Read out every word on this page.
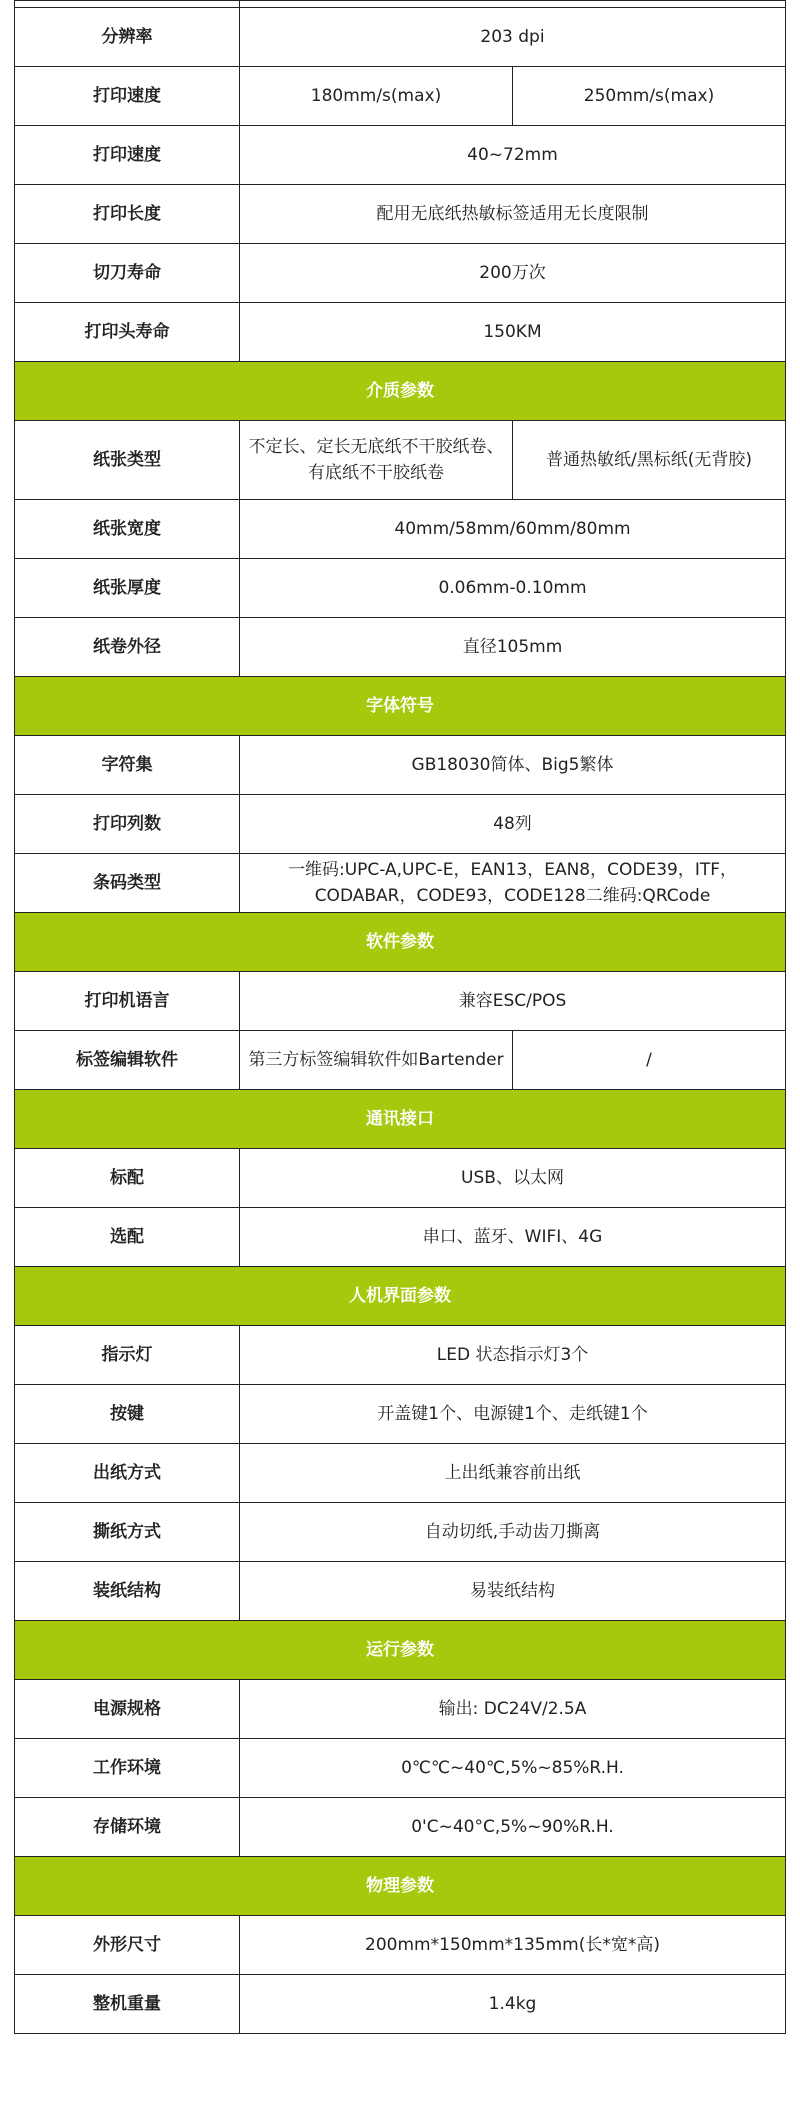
分辨率	203 dpi	
打印速度	180mm/s(max)	250mm/s(max)
打印速度	40~72mm	
打印长度	配用无底纸热敏标签适用无长度限制	
切刀寿命	200万次	
打印头寿命	150KM	
介质参数		
纸张类型	不定长、定长无底纸不干胶纸卷、有底纸不干胶纸卷	普通热敏纸/黑标纸(无背胶)
纸张宽度	40mm/58mm/60mm/80mm	
纸张厚度	0.06mm-0.10mm	
纸卷外径	直径105mm	
字体符号		
字符集	GB18030简体、Big5繁体	
打印列数	48列	
条码类型	一维码:UPC-A,UPC-E，EAN13，EAN8，CODE39，ITF，CODABAR，CODE93，CODE128二维码:QRCode	
软件参数		
打印机语言	兼容ESC/POS	
标签编辑软件	第三方标签编辑软件如Bartender	/
通讯接口		
标配	USB、以太网	
选配	串口、蓝牙、WIFI、4G	
人机界面参数		
指示灯	LED 状态指示灯3个	
按键	开盖键1个、电源键1个、走纸键1个	
出纸方式	上出纸兼容前出纸	
撕纸方式	自动切纸,手动齿刀撕离	
装纸结构	易装纸结构	
运行参数		
电源规格	输出: DC24V/2.5A	
工作环境	0℃℃~40℃,5%~85%R.H.	
存储环境	0'C~40°C,5%~90%R.H.	
物理参数		
外形尺寸	200mm*150mm*135mm(长*宽*高)	
整机重量	1.4kg	
